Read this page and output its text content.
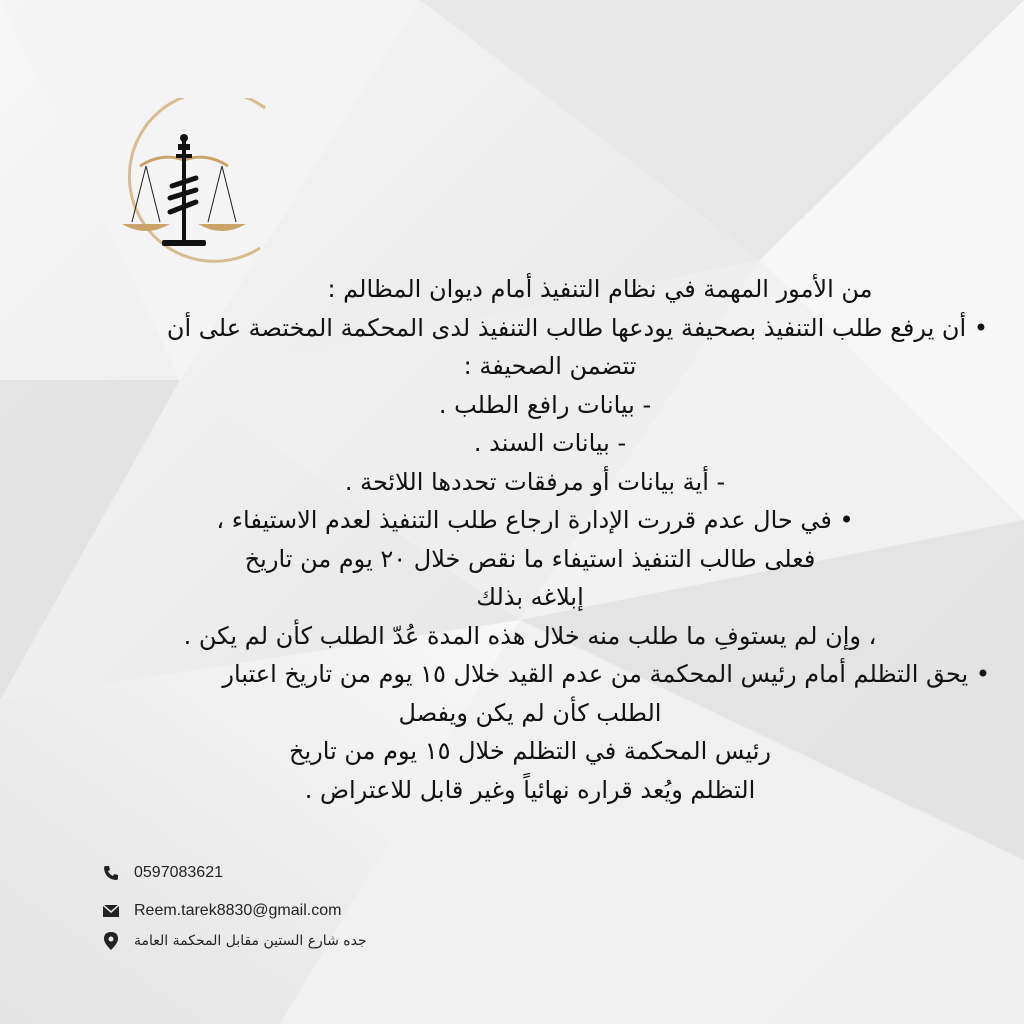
من الأمور المهمة في نظام التنفيذ أمام ديوان المظالم :
• أن يرفع طلب التنفيذ بصحيفة يودعها طالب التنفيذ لدى المحكمة المختصة على أن
تتضمن الصحيفة :
- بيانات رافع الطلب .
- بيانات السند .
- أية بيانات أو مرفقات تحددها اللائحة .
• في حال عدم قررت الإدارة ارجاع طلب التنفيذ لعدم الاستيفاء ،
فعلى طالب التنفيذ استيفاء ما نقص خلال ٢٠ يوم من تاريخ
إبلاغه بذلك
، وإن لم يستوفِ ما طلب منه خلال هذه المدة عُدّ الطلب كأن لم يكن .
• يحق التظلم أمام رئيس المحكمة من عدم القيد خلال ١٥ يوم من تاريخ اعتبار
الطلب كأن لم يكن ويفصل
رئيس المحكمة في التظلم خلال ١٥ يوم من تاريخ
التظلم ويُعد قراره نهائياً وغير قابل للاعتراض .
0597083621
Reem.tarek8830@gmail.com
جده شارع الستين مقابل المحكمة العامة
